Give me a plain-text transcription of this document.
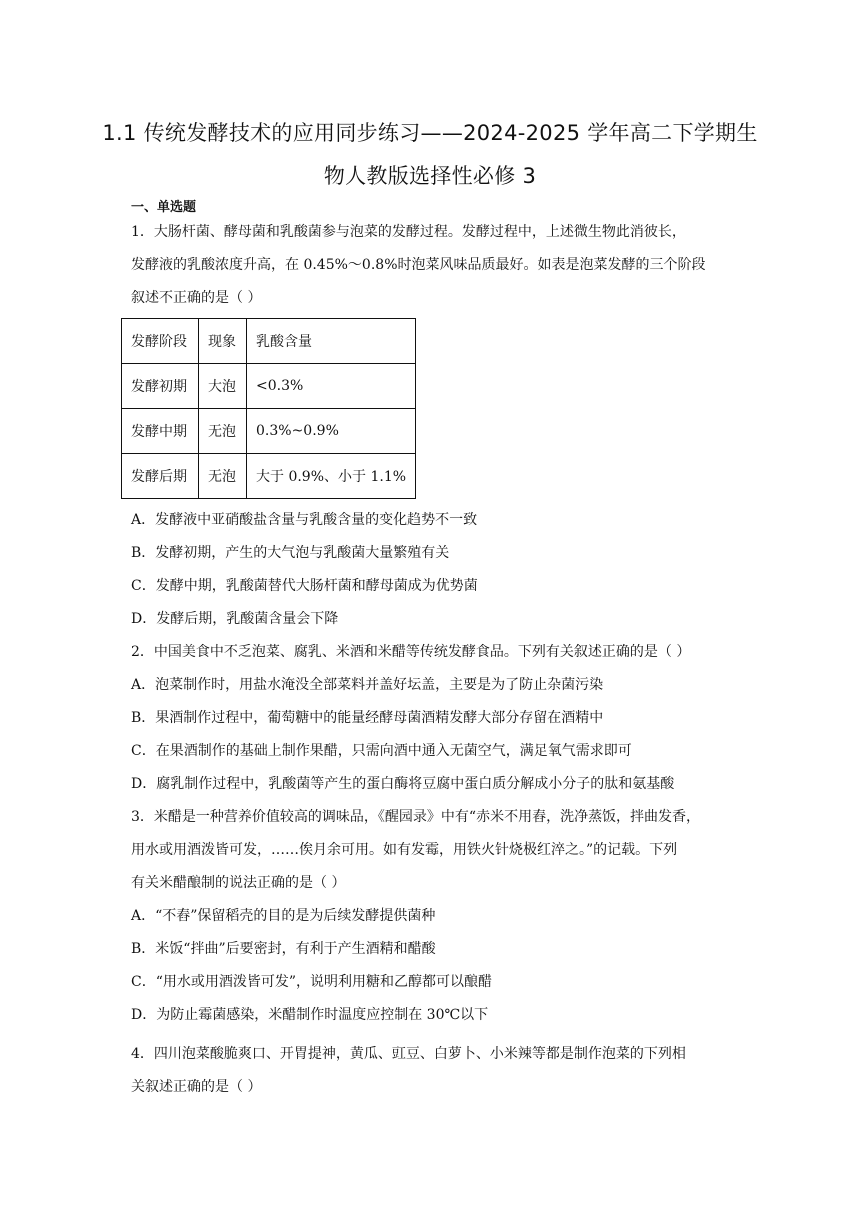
1.1 传统发酵技术的应用同步练习——2024-2025 学年高二下学期生
物人教版选择性必修 3
一、单选题
1．大肠杆菌、酵母菌和乳酸菌参与泡菜的发酵过程。发酵过程中，上述微生物此消彼长，
发酵液的乳酸浓度升高，在 0.45%～0.8%时泡菜风味品质最好。如表是泡菜发酵的三个阶段
叙述不正确的是（ ）
发酵阶段	现象	乳酸含量
发酵初期	大泡	<0.3%
发酵中期	无泡	0.3%~0.9%
发酵后期	无泡	大于 0.9%、小于 1.1%
A．发酵液中亚硝酸盐含量与乳酸含量的变化趋势不一致
B．发酵初期，产生的大气泡与乳酸菌大量繁殖有关
C．发酵中期，乳酸菌替代大肠杆菌和酵母菌成为优势菌
D．发酵后期，乳酸菌含量会下降
2．中国美食中不乏泡菜、腐乳、米酒和米醋等传统发酵食品。下列有关叙述正确的是（ ）
A．泡菜制作时，用盐水淹没全部菜料并盖好坛盖，主要是为了防止杂菌污染
B．果酒制作过程中，葡萄糖中的能量经酵母菌酒精发酵大部分存留在酒精中
C．在果酒制作的基础上制作果醋，只需向酒中通入无菌空气，满足氧气需求即可
D．腐乳制作过程中，乳酸菌等产生的蛋白酶将豆腐中蛋白质分解成小分子的肽和氨基酸
3．米醋是一种营养价值较高的调味品，《醒园录》中有“赤米不用舂，洗净蒸饭，拌曲发香，
用水或用酒泼皆可发，……俟月余可用。如有发霉，用铁火针烧极红淬之。”的记载。下列
有关米醋酿制的说法正确的是（ ）
A．“不舂”保留稻壳的目的是为后续发酵提供菌种
B．米饭“拌曲”后要密封，有利于产生酒精和醋酸
C．“用水或用酒泼皆可发”，说明利用糖和乙醇都可以酿醋
D．为防止霉菌感染，米醋制作时温度应控制在 30℃以下
4．四川泡菜酸脆爽口、开胃提神，黄瓜、豇豆、白萝卜、小米辣等都是制作泡菜的下列相
关叙述正确的是（ ）
